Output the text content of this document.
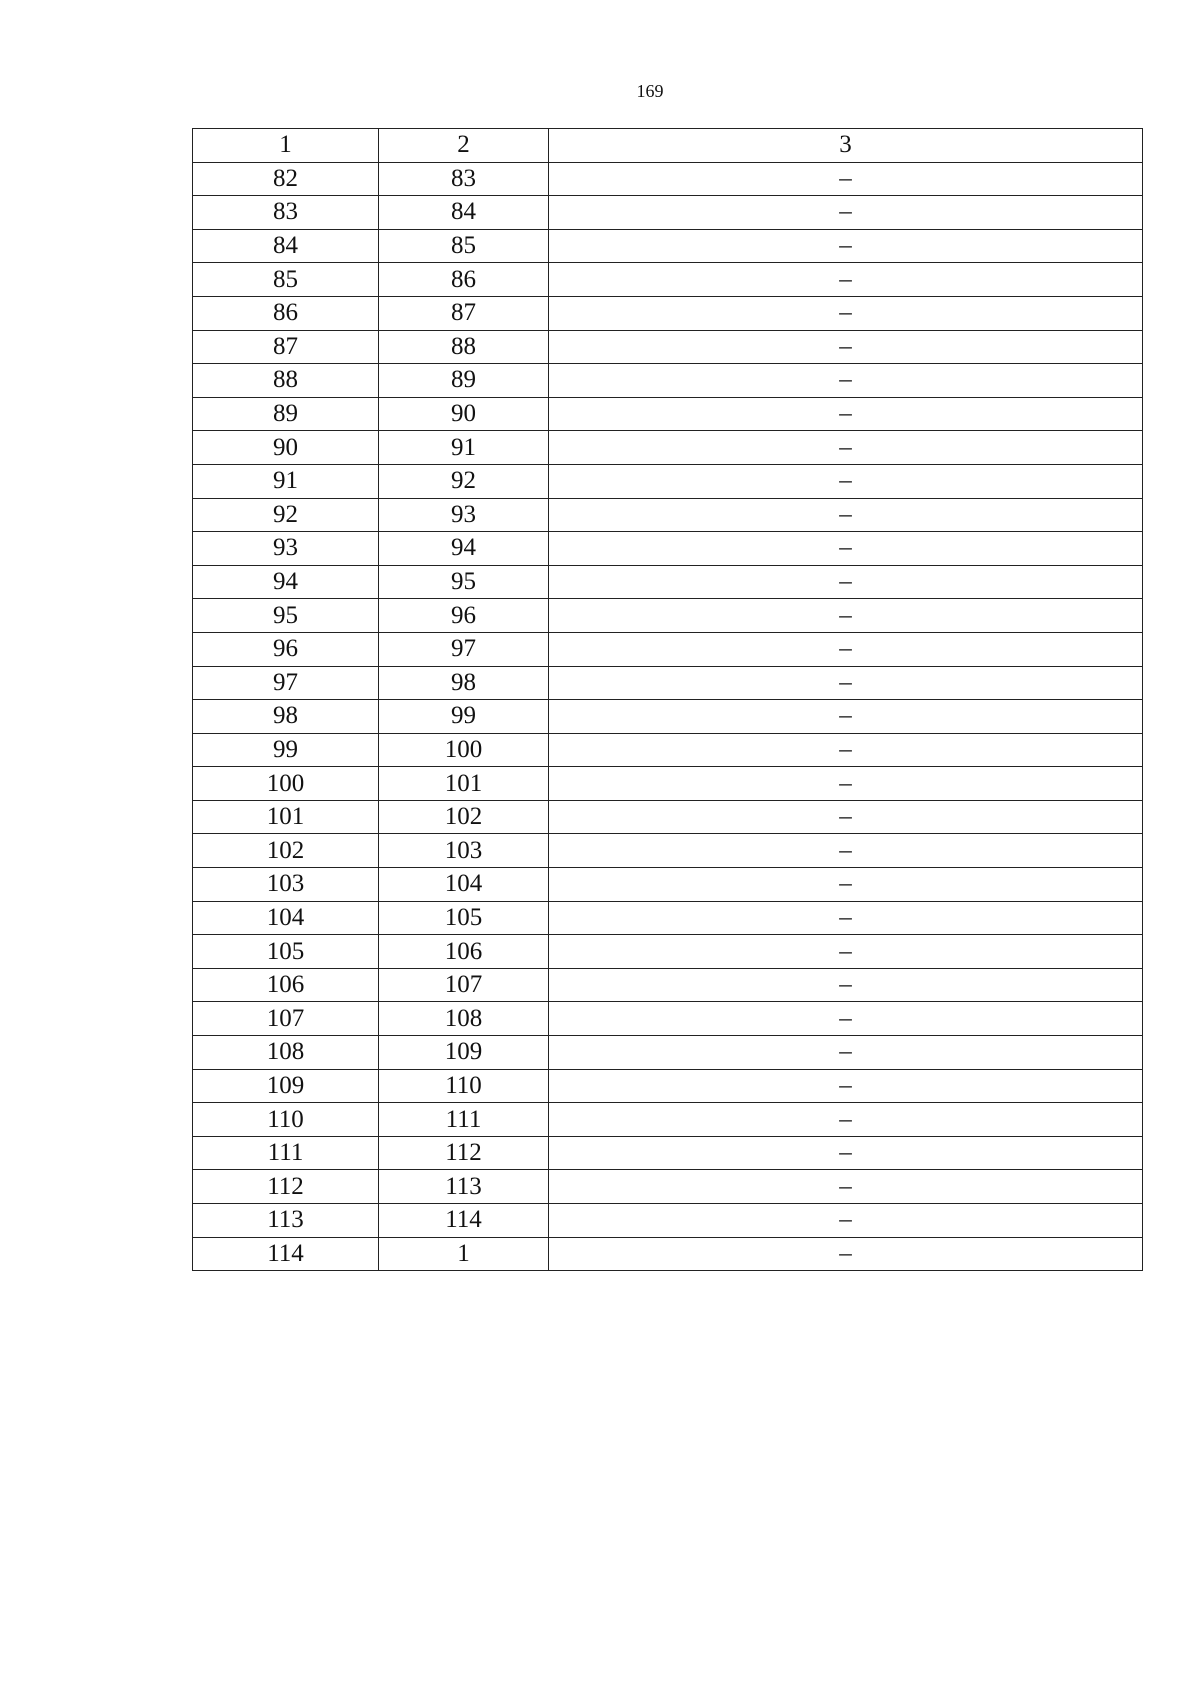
169
1	2	3
82	83	–
83	84	–
84	85	–
85	86	–
86	87	–
87	88	–
88	89	–
89	90	–
90	91	–
91	92	–
92	93	–
93	94	–
94	95	–
95	96	–
96	97	–
97	98	–
98	99	–
99	100	–
100	101	–
101	102	–
102	103	–
103	104	–
104	105	–
105	106	–
106	107	–
107	108	–
108	109	–
109	110	–
110	111	–
111	112	–
112	113	–
113	114	–
114	1	–
